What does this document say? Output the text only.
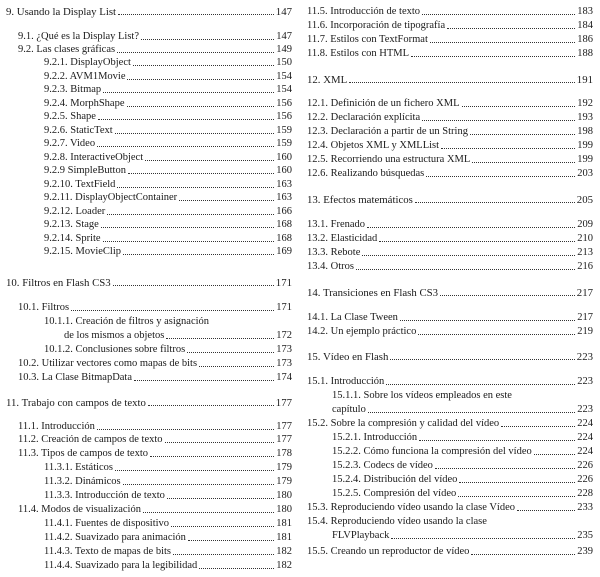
9. Usando la Display List	147
9.1. ¿Qué es la Display List?	147
9.2. Las clases gráficas	149
9.2.1. DisplayObject	150
9.2.2. AVM1Movie	154
9.2.3. Bitmap	154
9.2.4. MorphShape	156
9.2.5. Shape	156
9.2.6. StaticText	159
9.2.7. Video	159
9.2.8. InteractiveObject	160
9.2.9 SimpleButton	160
9.2.10. TextField	163
9.2.11. DisplayObjectContainer	163
9.2.12. Loader	166
9.2.13. Stage	168
9.2.14. Sprite	168
9.2.15. MovieClip	169
10. Filtros en Flash CS3	171
10.1. Filtros	171
10.1.1. Creación de filtros y asignación
de los mismos a objetos	172
10.1.2. Conclusiones sobre filtros	173
10.2. Utilizar vectores como mapas de bits	173
10.3. La Clase BitmapData	174
11. Trabajo con campos de texto	177
11.1. Introducción	177
11.2. Creación de campos de texto	177
11.3. Tipos de campos de texto	178
11.3.1. Estáticos	179
11.3.2. Dinámicos	179
11.3.3. Introducción de texto	180
11.4. Modos de visualización	180
11.4.1. Fuentes de dispositivo	181
11.4.2. Suavizado para animación	181
11.4.3. Texto de mapas de bits	182
11.4.4. Suavizado para la legibilidad	182
11.5. Introducción de texto	183
11.6. Incorporación de tipografía	184
11.7. Estilos con TextFormat	186
11.8. Estilos con HTML	188
12. XML	191
12.1. Definición de un fichero XML	192
12.2. Declaración explícita	193
12.3. Declaración a partir de un String	198
12.4. Objetos XML y XMLList	199
12.5. Recorriendo una estructura XML	199
12.6. Realizando búsquedas	203
13. Efectos matemáticos	205
13.1. Frenado	209
13.2. Elasticidad	210
13.3. Rebote	213
13.4. Otros	216
14. Transiciones en Flash CS3	217
14.1. La Clase Tween	217
14.2. Un ejemplo práctico	219
15. Vídeo en Flash	223
15.1. Introducción	223
15.1.1. Sobre los vídeos empleados en este
capítulo	223
15.2. Sobre la compresión y calidad del vídeo	224
15.2.1. Introducción	224
15.2.2. Cómo funciona la compresión del vídeo	224
15.2.3. Codecs de vídeo	226
15.2.4. Distribución del vídeo	226
15.2.5. Compresión del vídeo	228
15.3. Reproduciendo vídeo usando la clase Vídeo	233
15.4. Reproduciendo vídeo usando la clase
FLVPlayback	235
15.5. Creando un reproductor de vídeo	239
